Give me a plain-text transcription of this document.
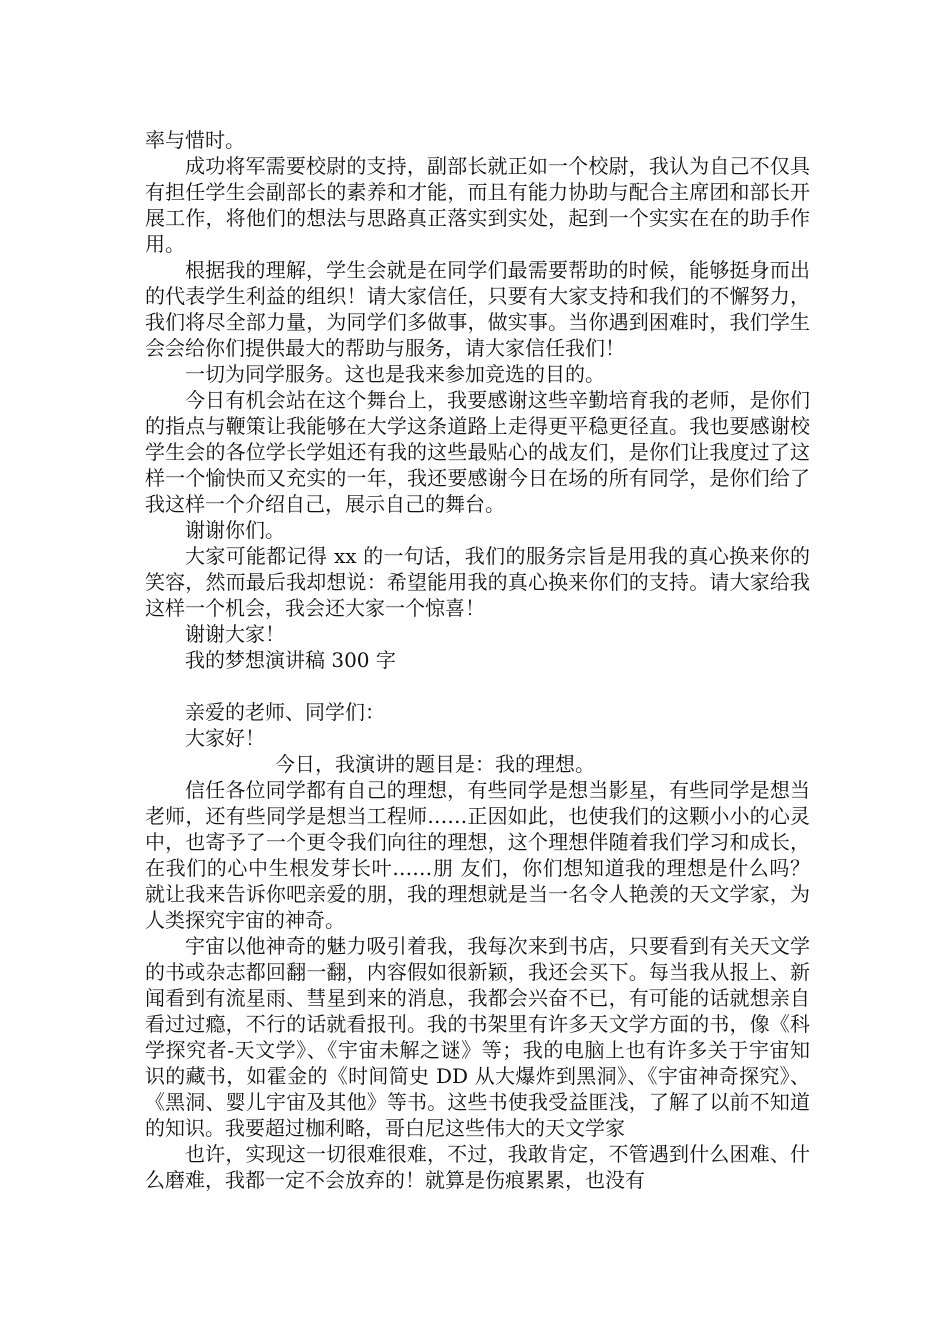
率与惜时。

成功将军需要校尉的支持，副部长就正如一个校尉，我认为自己不仅具有担任学生会副部长的素养和才能，而且有能力协助与配合主席团和部长开展工作，将他们的想法与思路真正落实到实处，起到一个实实在在的助手作用。

根据我的理解，学生会就是在同学们最需要帮助的时候，能够挺身而出的代表学生利益的组织！请大家信任，只要有大家支持和我们的不懈努力，我们将尽全部力量，为同学们多做事，做实事。当你遇到困难时，我们学生会会给你们提供最大的帮助与服务，请大家信任我们！

一切为同学服务。这也是我来参加竞选的目的。

今日有机会站在这个舞台上，我要感谢这些辛勤培育我的老师，是你们的指点与鞭策让我能够在大学这条道路上走得更平稳更径直。我也要感谢校学生会的各位学长学姐还有我的这些最贴心的战友们，是你们让我度过了这样一个愉快而又充实的一年，我还要感谢今日在场的所有同学，是你们给了我这样一个介绍自己，展示自己的舞台。

谢谢你们。

大家可能都记得 xx 的一句话，我们的服务宗旨是用我的真心换来你的笑容，然而最后我却想说：希望能用我的真心换来你们的支持。请大家给我这样一个机会，我会还大家一个惊喜！

谢谢大家！

我的梦想演讲稿 300 字

亲爱的老师、同学们：

大家好！

今日，我演讲的题目是：我的理想。

信任各位同学都有自己的理想，有些同学是想当影星，有些同学是想当老师，还有些同学是想当工程师……正因如此，也使我们的这颗小小的心灵中，也寄予了一个更令我们向往的理想，这个理想伴随着我们学习和成长，在我们的心中生根发芽长叶……朋 友们，你们想知道我的理想是什么吗？就让我来告诉你吧亲爱的朋，我的理想就是当一名令人艳羡的天文学家，为人类探究宇宙的神奇。

宇宙以他神奇的魅力吸引着我，我每次来到书店，只要看到有关天文学的书或杂志都回翻一翻，内容假如很新颖，我还会买下。每当我从报上、新闻看到有流星雨、彗星到来的消息，我都会兴奋不已，有可能的话就想亲自看过过瘾，不行的话就看报刊。我的书架里有许多天文学方面的书，像《科学探究者-天文学》、《宇宙未解之谜》等；我的电脑上也有许多关于宇宙知识的藏书，如霍金的《时间简史 DD 从大爆炸到黑洞》、《宇宙神奇探究》、《黑洞、婴儿宇宙及其他》等书。这些书使我受益匪浅，了解了以前不知道的知识。我要超过枷利略，哥白尼这些伟大的天文学家

也许，实现这一切很难很难，不过，我敢肯定，不管遇到什么困难、什么磨难，我都一定不会放弃的！就算是伤痕累累，也没有
